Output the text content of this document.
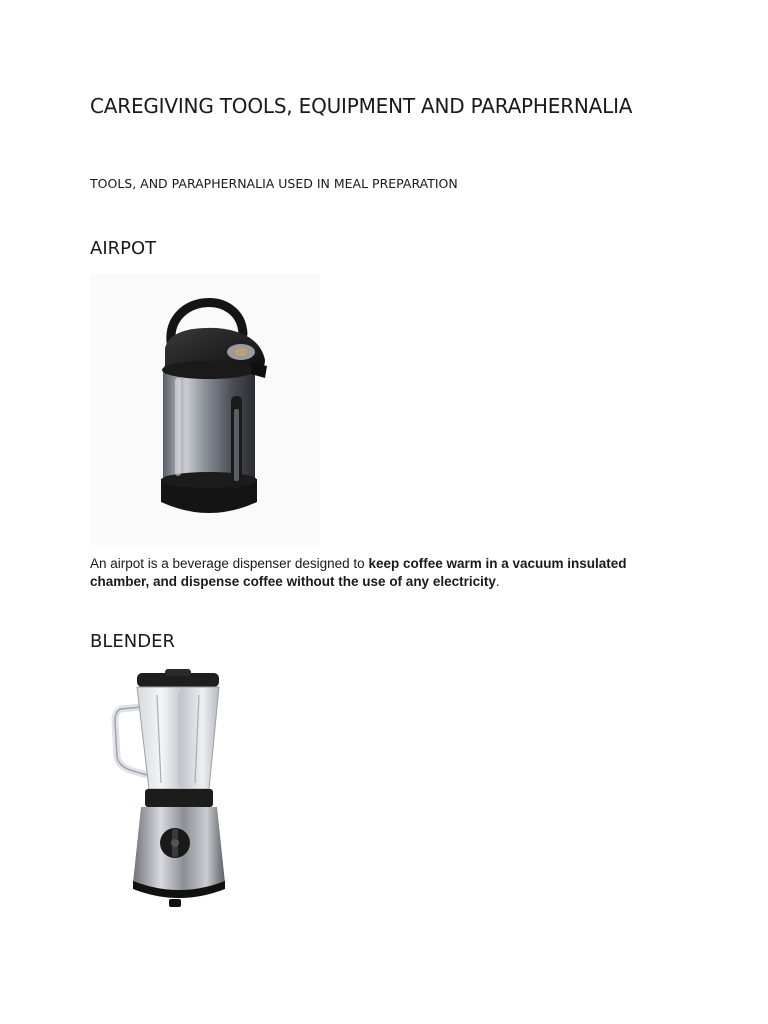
CAREGIVING TOOLS, EQUIPMENT AND PARAPHERNALIA
TOOLS, AND PARAPHERNALIA USED IN MEAL PREPARATION
AIRPOT
An airpot is a beverage dispenser designed to keep coffee warm in a vacuum insulated
chamber, and dispense coffee without the use of any electricity.
BLENDER
